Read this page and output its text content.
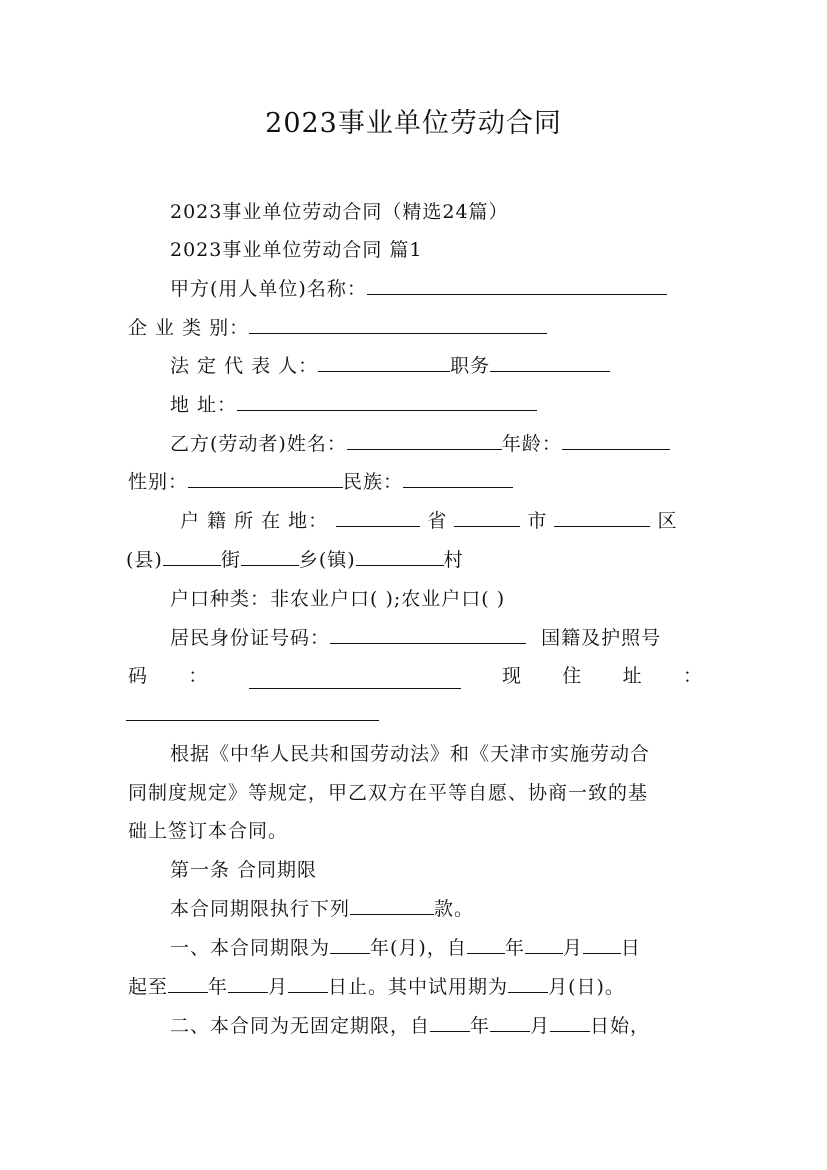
2023事业单位劳动合同
2023事业单位劳动合同（精选24篇）
2023事业单位劳动合同 篇1
甲方(用人单位)名称：
企 业 类 别：
法 定 代 表 人：	职务
地 址：
乙方(劳动者)姓名：	年龄：
性别：	民族：
户 籍 所 在 地：	省	市	区
(县)	街	乡(镇)	村
户口种类：非农业户口( );农业户口( )
居民身份证号码：	国籍及护照号
码 ：	现 住 址 ：
根据《中华人民共和国劳动法》和《天津市实施劳动合
同制度规定》等规定，甲乙双方在平等自愿、协商一致的基
础上签订本合同。
第一条 合同期限
本合同期限执行下列	款。
一、本合同期限为 年(月)，自 年 月 日
起至 年 月 日止。其中试用期为 月(日)。
二、本合同为无固定期限，自 年 月 日始，
